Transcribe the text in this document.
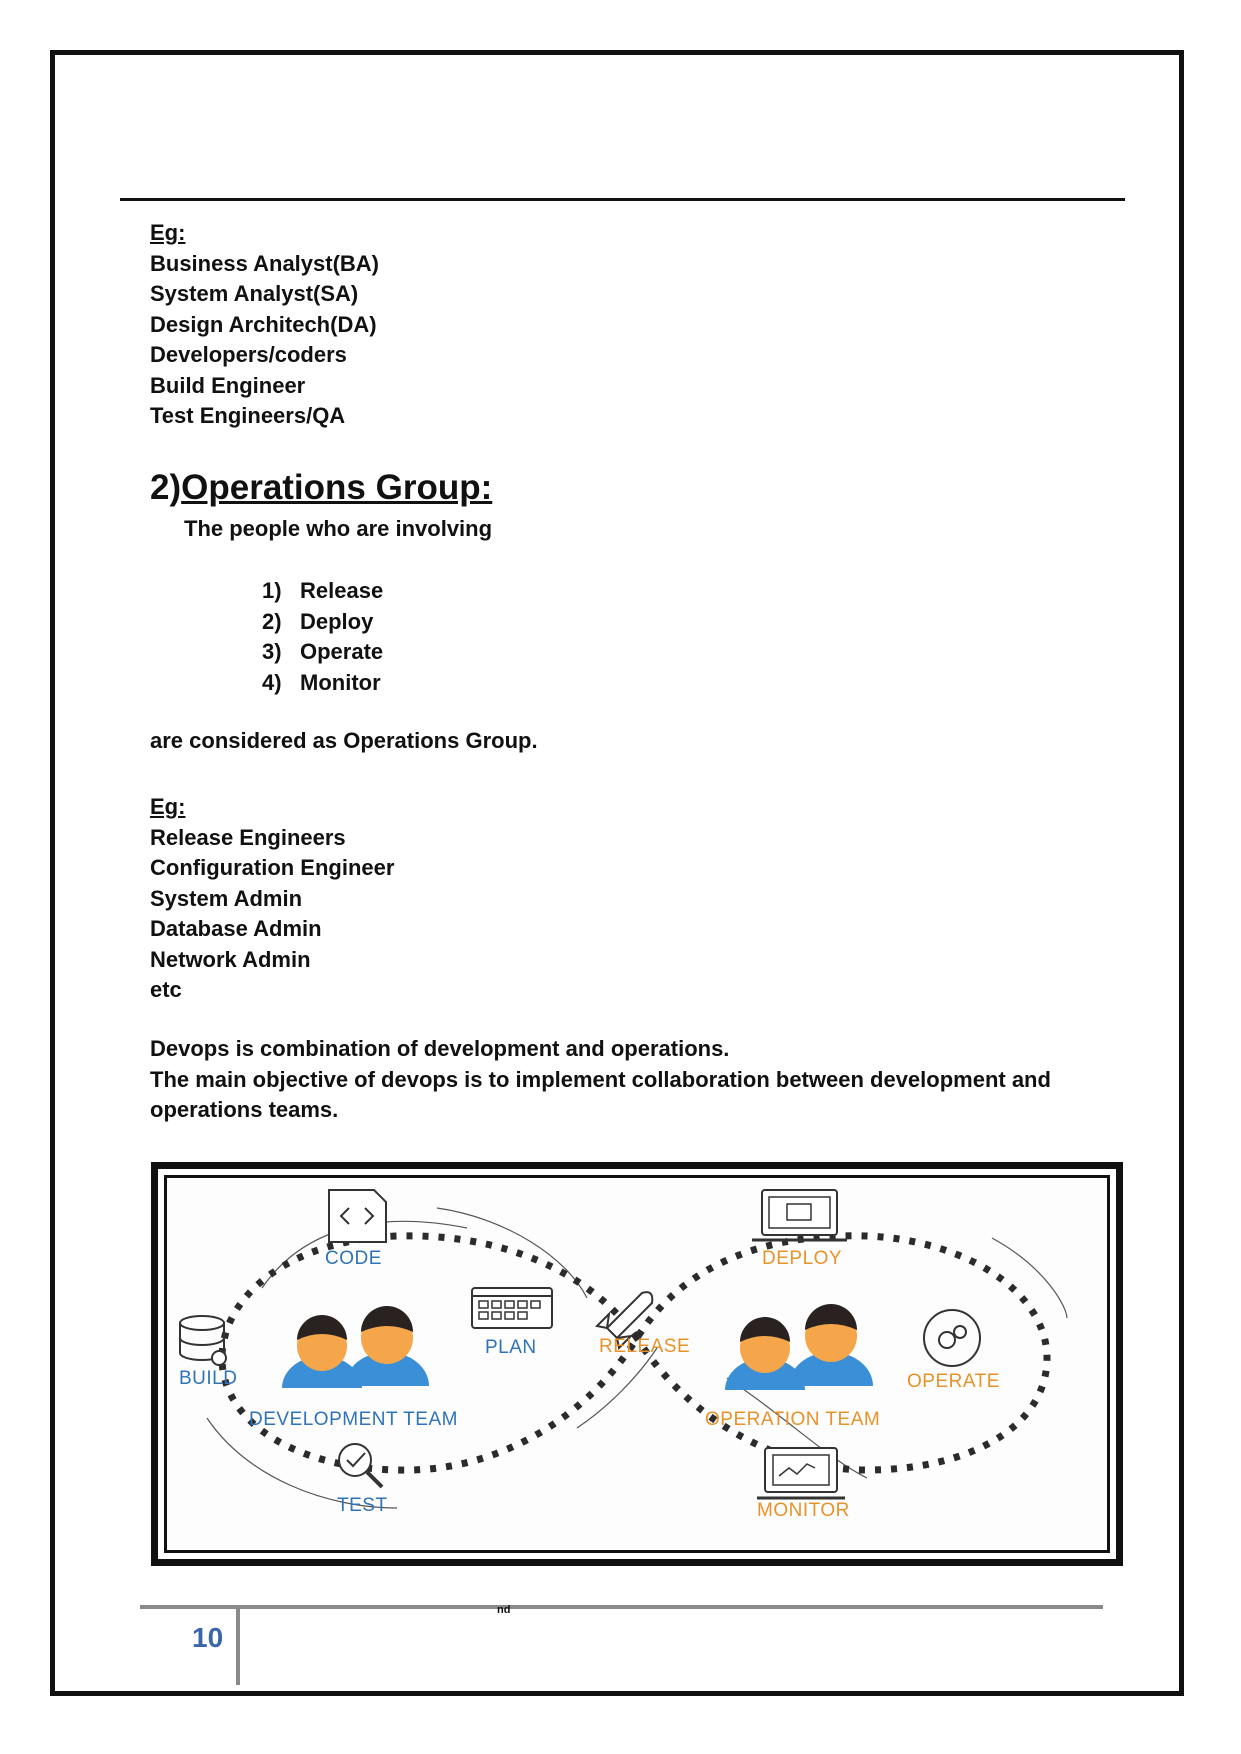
Eg:
Business Analyst(BA)
System Analyst(SA)
Design Architech(DA)
Developers/coders
Build Engineer
Test Engineers/QA
2)Operations Group:
The people who are involving
1) Release
2) Deploy
3) Operate
4) Monitor
are considered as Operations Group.
Eg:
Release Engineers
Configuration Engineer
System Admin
Database Admin
Network Admin
etc
Devops is combination of development and operations.
The main objective of devops is to implement collaboration between development and
operations teams.
CODE
PLAN
BUILD
TEST
DEVELOPMENT TEAM
RELEASE
DEPLOY
OPERATION TEAM
OPERATE
MONITOR
10
nd
